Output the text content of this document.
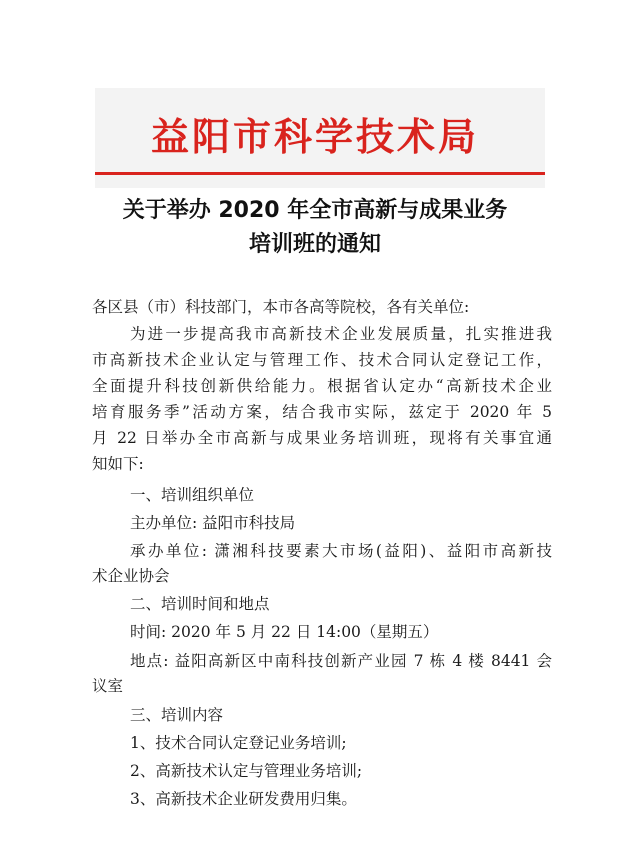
益阳市科学技术局
关于举办 2020 年全市高新与成果业务
培训班的通知
各区县（市）科技部门，本市各高等院校，各有关单位:
为进一步提高我市高新技术企业发展质量，扎实推进我
市高新技术企业认定与管理工作、技术合同认定登记工作，
全面提升科技创新供给能力。根据省认定办“高新技术企业
培育服务季”活动方案，结合我市实际，兹定于 2020 年 5
月 22 日举办全市高新与成果业务培训班，现将有关事宜通
知如下:
一、培训组织单位
主办单位: 益阳市科技局
承办单位: 潇湘科技要素大市场(益阳)、益阳市高新技
术企业协会
二、培训时间和地点
时间: 2020 年 5 月 22 日 14:00（星期五）
地点: 益阳高新区中南科技创新产业园 7 栋 4 楼 8441 会
议室
三、培训内容
1、技术合同认定登记业务培训;
2、高新技术认定与管理业务培训;
3、高新技术企业研发费用归集。
